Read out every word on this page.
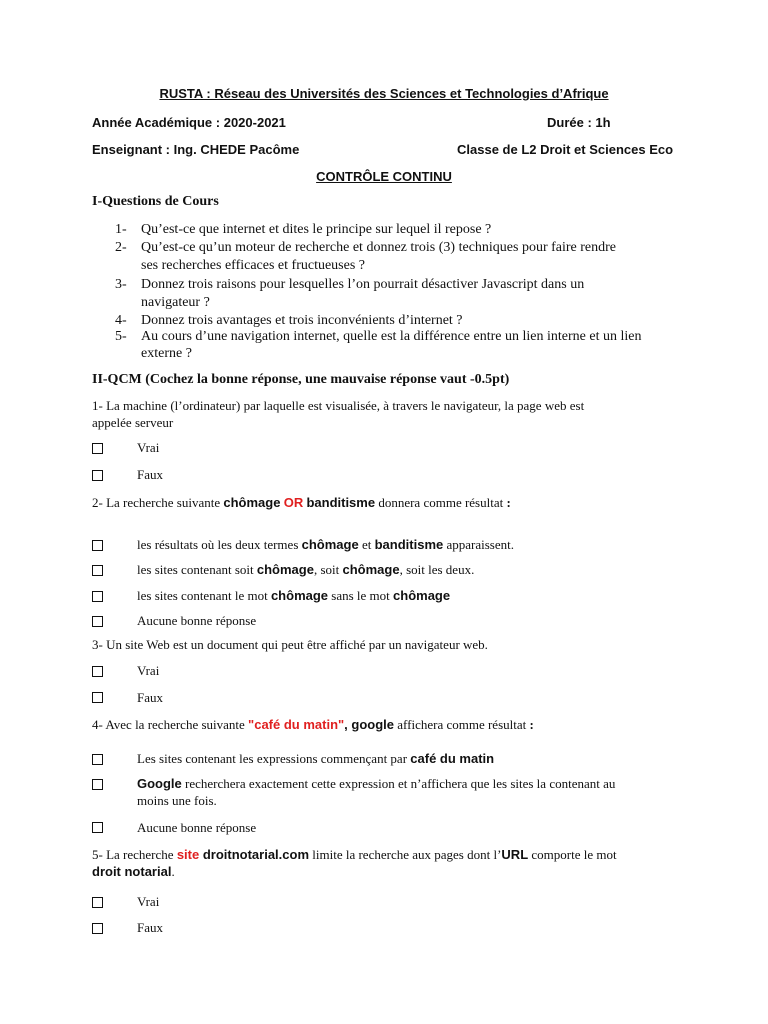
RUSTA : Réseau des Universités des Sciences et Technologies d’Afrique
Année Académique : 2020-2021	Durée : 1h
Enseignant : Ing. CHEDE Pacôme	Classe de L2 Droit et Sciences Eco
CONTRÔLE CONTINU
I-Questions de Cours
1- Qu’est-ce que internet et dites le principe sur lequel il repose ?
2- Qu’est-ce qu’un moteur de recherche et donnez trois (3) techniques pour faire rendre
ses recherches efficaces et fructueuses ?
3- Donnez trois raisons pour lesquelles l’on pourrait désactiver Javascript dans un
navigateur ?
4- Donnez trois avantages et trois inconvénients d’internet ?
5- Au cours d’une navigation internet, quelle est la différence entre un lien interne et un lien
externe ?
II-QCM (Cochez la bonne réponse, une mauvaise réponse vaut -0.5pt)
1- La machine (l’ordinateur) par laquelle est visualisée, à travers le navigateur, la page web est
appelée serveur
Vrai
Faux
2- La recherche suivante chômage OR banditisme donnera comme résultat :
les résultats où les deux termes chômage et banditisme apparaissent.
les sites contenant soit chômage, soit chômage, soit les deux.
les sites contenant le mot chômage sans le mot chômage
Aucune bonne réponse
3- Un site Web est un document qui peut être affiché par un navigateur web.
Vrai
Faux
4- Avec la recherche suivante "café du matin", google affichera comme résultat :
Les sites contenant les expressions commençant par café du matin
Google recherchera exactement cette expression et n’affichera que les sites la contenant au
moins une fois.
Aucune bonne réponse
5- La recherche site droitnotarial.com limite la recherche aux pages dont l’URL comporte le mot
droit notarial.
Vrai
Faux
